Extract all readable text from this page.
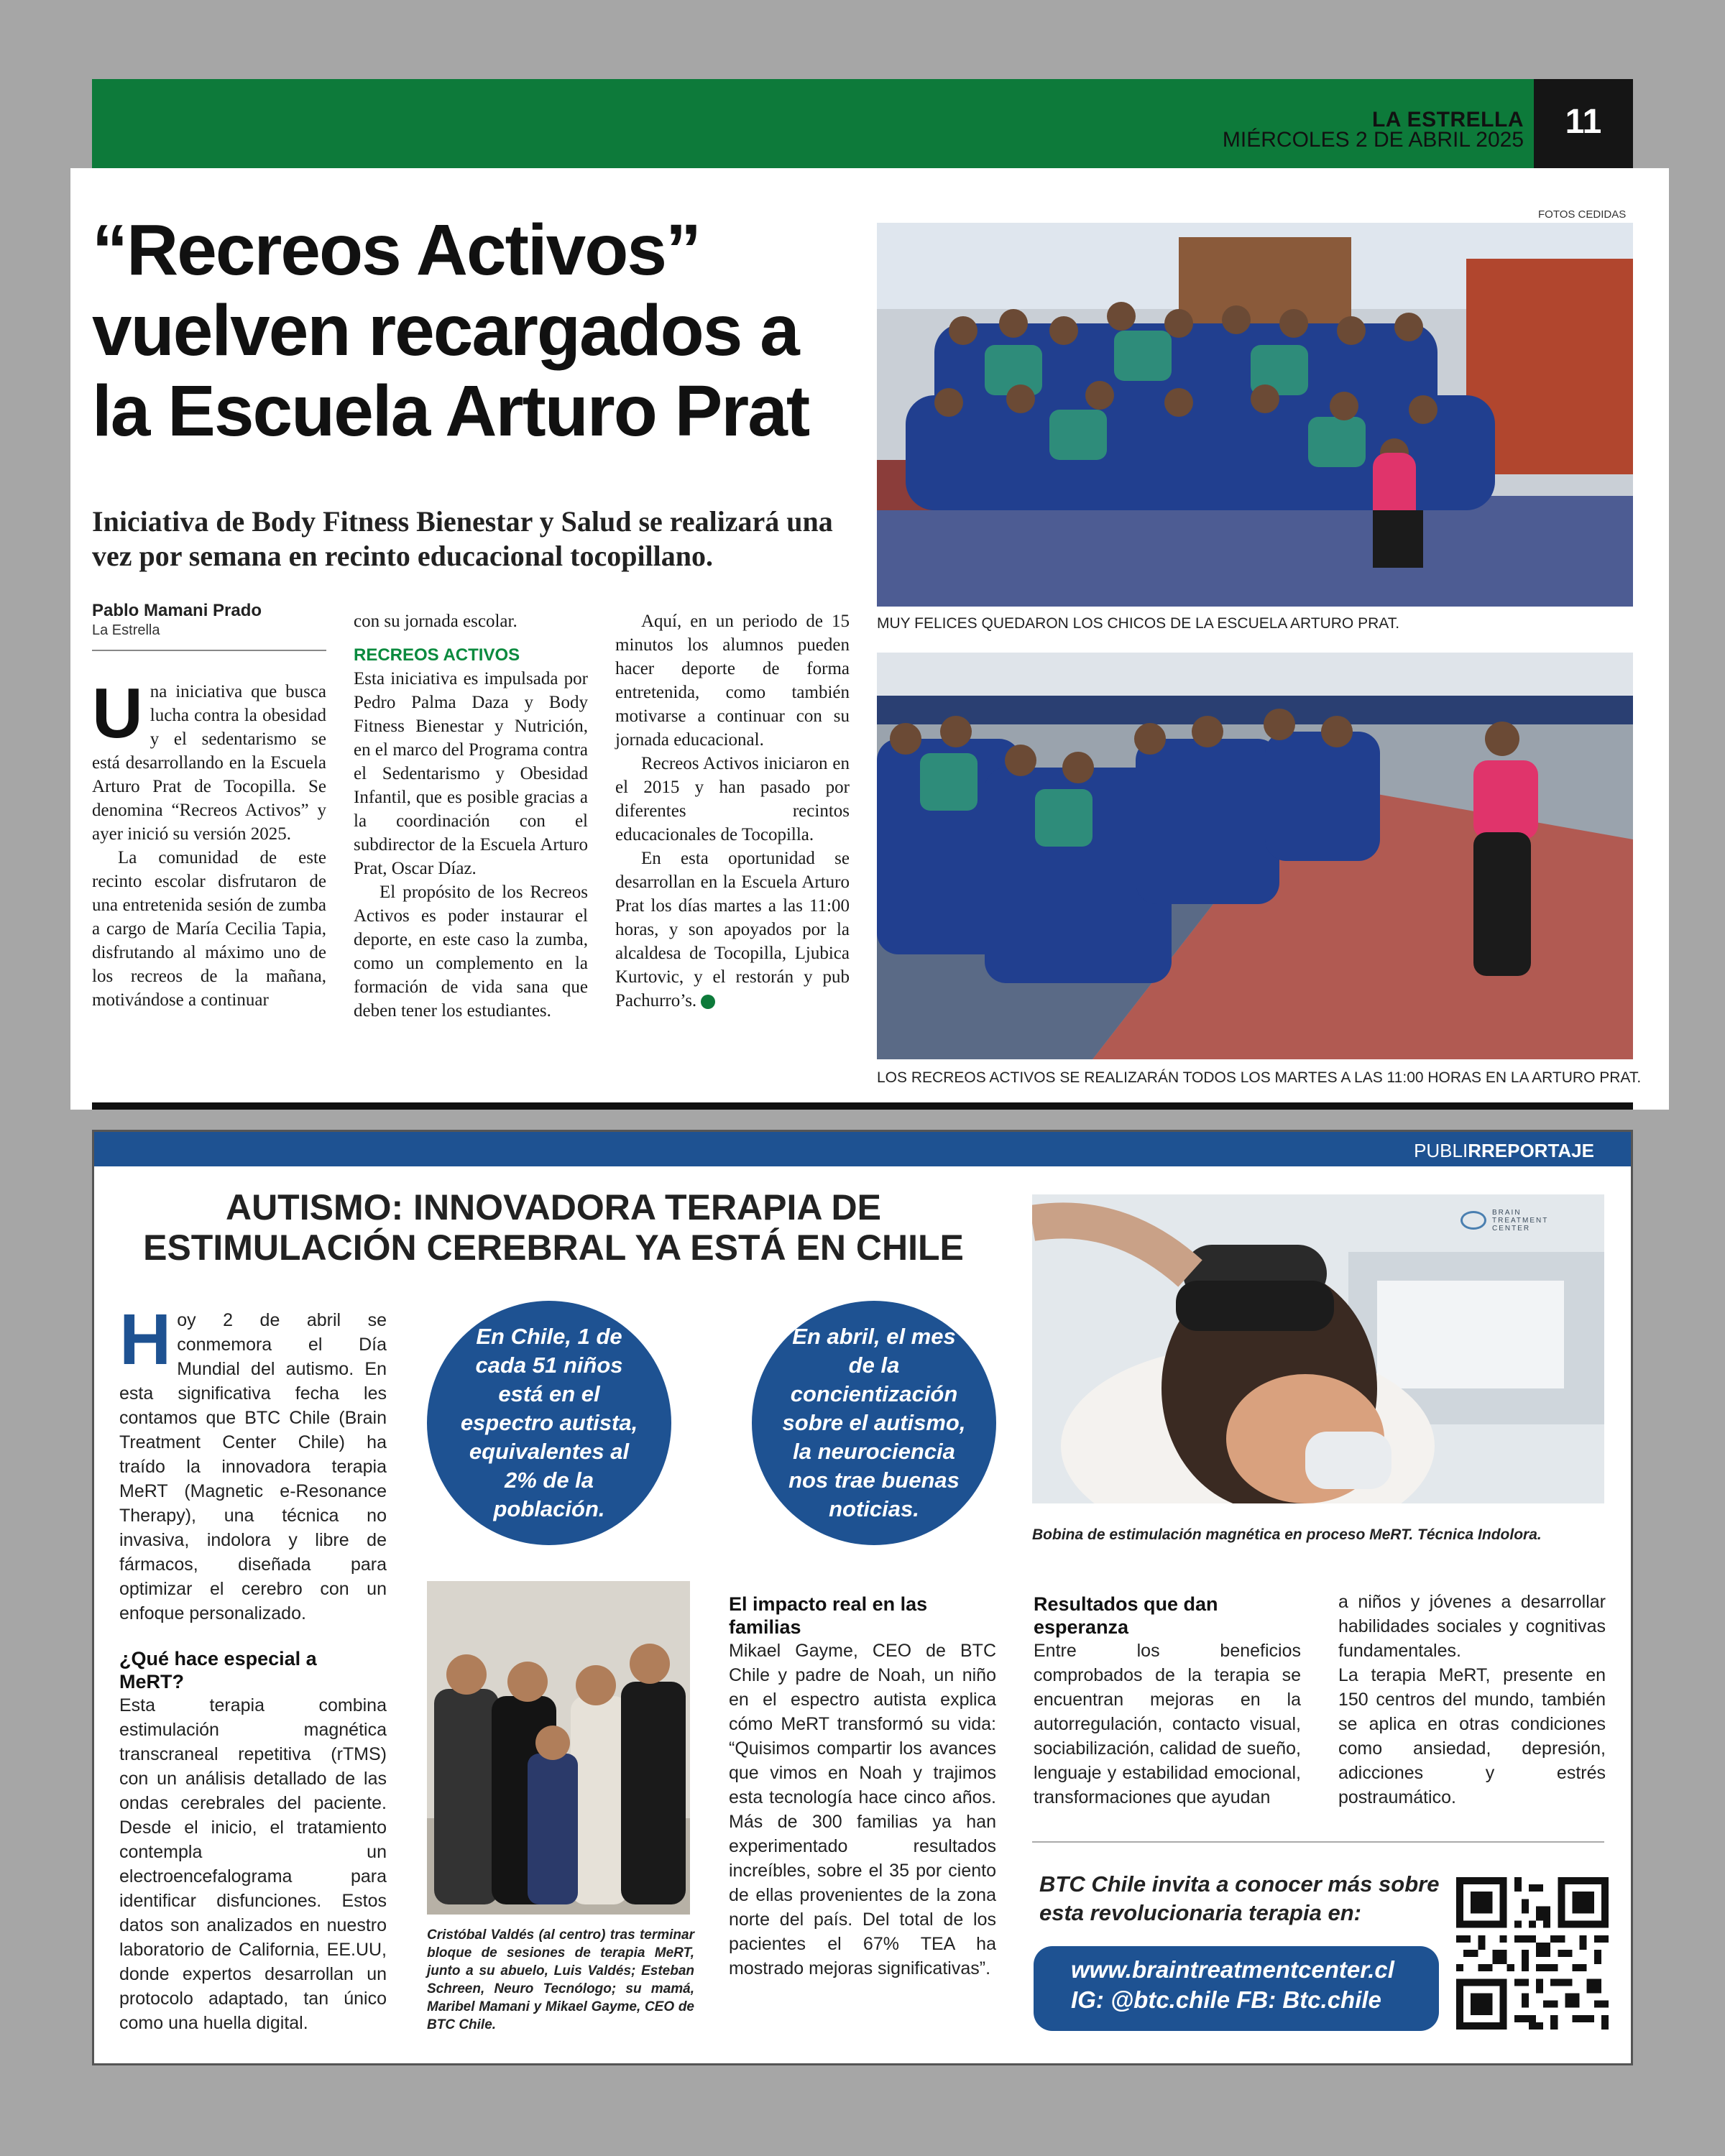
LA ESTRELLA
MIÉRCOLES 2 DE ABRIL 2025	11
“Recreos Activos” vuelven recargados a la Escuela Arturo Prat
Iniciativa de Body Fitness Bienestar y Salud se realizará una vez por semana en recinto educacional tocopillano.
Pablo Mamani Prado
La Estrella
U na iniciativa que busca lucha contra la obesidad y el sedentarismo se está desarrollando en la Escuela Arturo Prat de Tocopilla. Se denomina “Recreos Activos” y ayer inició su versión 2025.

La comunidad de este recinto escolar disfrutaron de una entretenida sesión de zumba a cargo de María Cecilia Tapia, disfrutando al máximo uno de los recreos de la mañana, motivándose a continuar

con su jornada escolar.

RECREOS ACTIVOS

Esta iniciativa es impulsada por Pedro Palma Daza y Body Fitness Bienestar y Nutrición, en el marco del Programa contra el Sedentarismo y Obesidad Infantil, que es posible gracias a la coordinación con el subdirector de la Escuela Arturo Prat, Oscar Díaz.

El propósito de los Recreos Activos es poder instaurar el deporte, en este caso la zumba, como un complemento en la formación de vida sana que deben tener los estudiantes.

Aquí, en un periodo de 15 minutos los alumnos pueden hacer deporte de forma entretenida, como también motivarse a continuar con su jornada educacional.

Recreos Activos iniciaron en el 2015 y han pasado por diferentes recintos educacionales de Tocopilla.

En esta oportunidad se desarrollan en la Escuela Arturo Prat los días martes a las 11:00 horas, y son apoyados por la alcaldesa de Tocopilla, Ljubica Kurtovic, y el restorán y pub Pachurro’s.	✦

FOTOS CEDIDAS
MUY FELICES QUEDARON LOS CHICOS DE LA ESCUELA ARTURO PRAT.
LOS RECREOS ACTIVOS SE REALIZARÁN TODOS LOS MARTES A LAS 11:00 HORAS EN LA ARTURO PRAT.
PUBLIRREPORTAJE
AUTISMO: INNOVADORA TERAPIA DE ESTIMULACIÓN CEREBRAL YA ESTÁ EN CHILE
H oy 2 de abril se conmemora el Día Mundial del autismo. En esta significativa fecha les contamos que BTC Chile (Brain Treatment Center Chile) ha traído la innovadora terapia MeRT (Magnetic e-Resonance Therapy), una técnica no invasiva, indolora y libre de fármacos, diseñada para optimizar el cerebro con un enfoque personalizado.

¿Qué hace especial a MeRT?

Esta terapia combina estimulación magnética transcraneal repetitiva (rTMS) con un análisis detallado de las ondas cerebrales del paciente. Desde el inicio, el tratamiento contempla un electroencefalograma para identificar disfunciones. Estos datos son analizados en nuestro laboratorio de California, EE.UU, donde expertos desarrollan un protocolo adaptado, tan único como una huella digital.

En Chile, 1 de cada 51 niños está en el espectro autista, equivalentes al 2% de la población.
En abril, el mes de la concientización sobre el autismo, la neurociencia nos trae buenas noticias.
Cristóbal Valdés (al centro) tras terminar bloque de sesiones de terapia MeRT, junto a su abuelo, Luis Valdés; Esteban Schreen, Neuro Tecnólogo; su mamá, Maribel Mamani y Mikael Gayme, CEO de BTC Chile.
BRAIN TREATMENT CENTER
Bobina de estimulación magnética en proceso MeRT. Técnica Indolora.
El impacto real en las familias

Mikael Gayme, CEO de BTC Chile y padre de Noah, un niño en el espectro autista explica cómo MeRT transformó su vida: “Quisimos compartir los avances que vimos en Noah y trajimos esta tecnología hace cinco años. Más de 300 familias ya han experimentado resultados increíbles, sobre el 35 por ciento de ellas provenientes de la zona norte del país. Del total de los pacientes el 67% TEA ha mostrado mejoras significativas”.

Resultados que dan esperanza

Entre los beneficios comprobados de la terapia se encuentran mejoras en la autorregulación, contacto visual, sociabilización, calidad de sueño, lenguaje y estabilidad emocional, transformaciones que ayudan

a niños y jóvenes a desarrollar habilidades sociales y cognitivas fundamentales.

La terapia MeRT, presente en 150 centros del mundo, también se aplica en otras condiciones como ansiedad, depresión, adicciones y estrés postraumático.

BTC Chile invita a conocer más sobre esta revolucionaria terapia en:
www.braintreatmentcenter.cl
IG: @btc.chile FB: Btc.chile
